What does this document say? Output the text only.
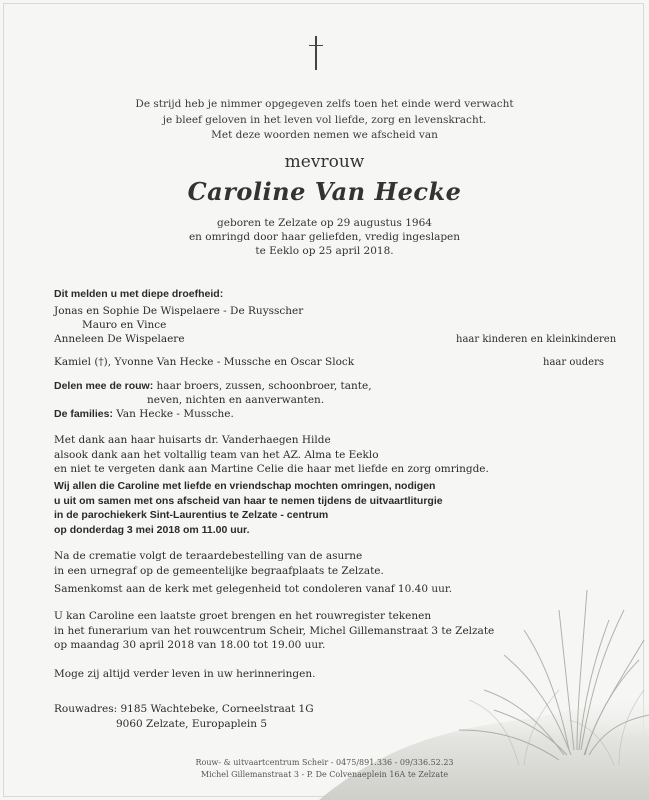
De strijd heb je nimmer opgegeven zelfs toen het einde werd verwacht
je bleef geloven in het leven vol liefde, zorg en levenskracht.
Met deze woorden nemen we afscheid van
mevrouw
Caroline Van Hecke
geboren te Zelzate op 29 augustus 1964
en omringd door haar geliefden, vredig ingeslapen
te Eeklo op 25 april 2018.
Dit melden u met diepe droefheid:
Jonas en Sophie De Wispelaere - De Ruysscher
Mauro en Vince
Anneleen De Wispelaere	haar kinderen en kleinkinderen
Kamiel (†), Yvonne Van Hecke - Mussche en Oscar Slock	haar ouders
Delen mee de rouw: haar broers, zussen, schoonbroer, tante,
neven, nichten en aanverwanten.
De families: Van Hecke - Mussche.
Met dank aan haar huisarts dr. Vanderhaegen Hilde
alsook dank aan het voltallig team van het AZ. Alma te Eeklo
en niet te vergeten dank aan Martine Celie die haar met liefde en zorg omringde.
Wij allen die Caroline met liefde en vriendschap mochten omringen, nodigen
u uit om samen met ons afscheid van haar te nemen tijdens de uitvaartliturgie
in de parochiekerk Sint-Laurentius te Zelzate - centrum
op donderdag 3 mei 2018 om 11.00 uur.
Na de crematie volgt de teraardebestelling van de asurne
in een urnegraf op de gemeentelijke begraafplaats te Zelzate.
Samenkomst aan de kerk met gelegenheid tot condoleren vanaf 10.40 uur.
U kan Caroline een laatste groet brengen en het rouwregister tekenen
in het funerarium van het rouwcentrum Scheir, Michel Gillemanstraat 3 te Zelzate
op maandag 30 april 2018 van 18.00 tot 19.00 uur.
Moge zij altijd verder leven in uw herinneringen.
Rouwadres: 9185 Wachtebeke, Corneelstraat 1G
9060 Zelzate, Europaplein 5
Rouw- & uitvaartcentrum Scheir - 0475/891.336 - 09/336.52.23
Michel Gillemanstraat 3 - P. De Colvenaeplein 16A te Zelzate
